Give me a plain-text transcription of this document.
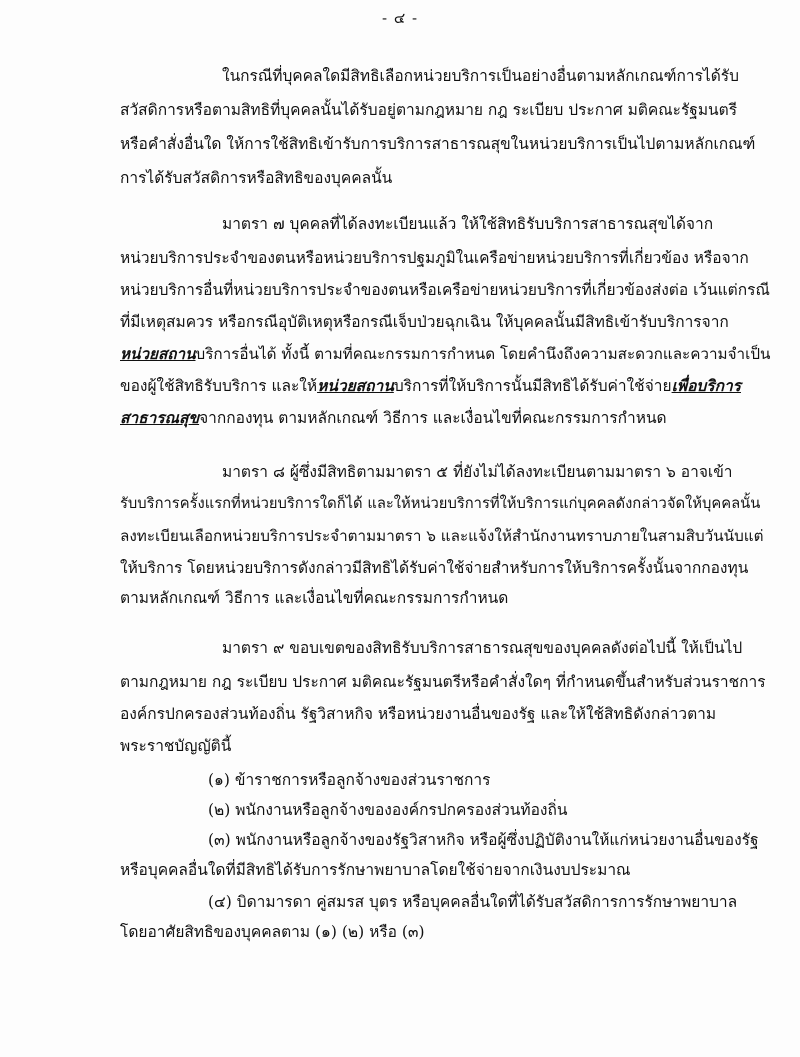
- ๔ -
ในกรณีที่บุคคลใดมีสิทธิเลือกหน่วยบริการเป็นอย่างอื่นตามหลักเกณฑ์การได้รับ
สวัสดิการหรือตามสิทธิที่บุคคลนั้นได้รับอยู่ตามกฎหมาย กฎ ระเบียบ ประกาศ มติคณะรัฐมนตรี
หรือคำสั่งอื่นใด ให้การใช้สิทธิเข้ารับการบริการสาธารณสุขในหน่วยบริการเป็นไปตามหลักเกณฑ์
การได้รับสวัสดิการหรือสิทธิของบุคคลนั้น
มาตรา ๗ บุคคลที่ได้ลงทะเบียนแล้ว ให้ใช้สิทธิรับบริการสาธารณสุขได้จาก
หน่วยบริการประจำของตนหรือหน่วยบริการปฐมภูมิในเครือข่ายหน่วยบริการที่เกี่ยวข้อง หรือจาก
หน่วยบริการอื่นที่หน่วยบริการประจำของตนหรือเครือข่ายหน่วยบริการที่เกี่ยวข้องส่งต่อ เว้นแต่กรณี
ที่มีเหตุสมควร หรือกรณีอุบัติเหตุหรือกรณีเจ็บป่วยฉุกเฉิน ให้บุคคลนั้นมีสิทธิเข้ารับบริการจาก
หน่วยสถานบริการอื่นได้ ทั้งนี้ ตามที่คณะกรรมการกำหนด โดยคำนึงถึงความสะดวกและความจำเป็น
ของผู้ใช้สิทธิรับบริการ และให้หน่วยสถานบริการที่ให้บริการนั้นมีสิทธิได้รับค่าใช้จ่ายเพื่อบริการ
สาธารณสุขจากกองทุน ตามหลักเกณฑ์ วิธีการ และเงื่อนไขที่คณะกรรมการกำหนด
มาตรา ๘ ผู้ซึ่งมีสิทธิตามมาตรา ๕ ที่ยังไม่ได้ลงทะเบียนตามมาตรา ๖ อาจเข้า
รับบริการครั้งแรกที่หน่วยบริการใดก็ได้ และให้หน่วยบริการที่ให้บริการแก่บุคคลดังกล่าวจัดให้บุคคลนั้น
ลงทะเบียนเลือกหน่วยบริการประจำตามมาตรา ๖ และแจ้งให้สำนักงานทราบภายในสามสิบวันนับแต่
ให้บริการ โดยหน่วยบริการดังกล่าวมีสิทธิได้รับค่าใช้จ่ายสำหรับการให้บริการครั้งนั้นจากกองทุน
ตามหลักเกณฑ์ วิธีการ และเงื่อนไขที่คณะกรรมการกำหนด
มาตรา ๙ ขอบเขตของสิทธิรับบริการสาธารณสุขของบุคคลดังต่อไปนี้ ให้เป็นไป
ตามกฎหมาย กฎ ระเบียบ ประกาศ มติคณะรัฐมนตรีหรือคำสั่งใดๆ ที่กำหนดขึ้นสำหรับส่วนราชการ
องค์กรปกครองส่วนท้องถิ่น รัฐวิสาหกิจ หรือหน่วยงานอื่นของรัฐ และให้ใช้สิทธิดังกล่าวตาม
พระราชบัญญัตินี้
(๑) ข้าราชการหรือลูกจ้างของส่วนราชการ
(๒) พนักงานหรือลูกจ้างขององค์กรปกครองส่วนท้องถิ่น
(๓) พนักงานหรือลูกจ้างของรัฐวิสาหกิจ หรือผู้ซึ่งปฏิบัติงานให้แก่หน่วยงานอื่นของรัฐ
หรือบุคคลอื่นใดที่มีสิทธิได้รับการรักษาพยาบาลโดยใช้จ่ายจากเงินงบประมาณ
(๔) บิดามารดา คู่สมรส บุตร หรือบุคคลอื่นใดที่ได้รับสวัสดิการการรักษาพยาบาล
โดยอาศัยสิทธิของบุคคลตาม (๑) (๒) หรือ (๓)
